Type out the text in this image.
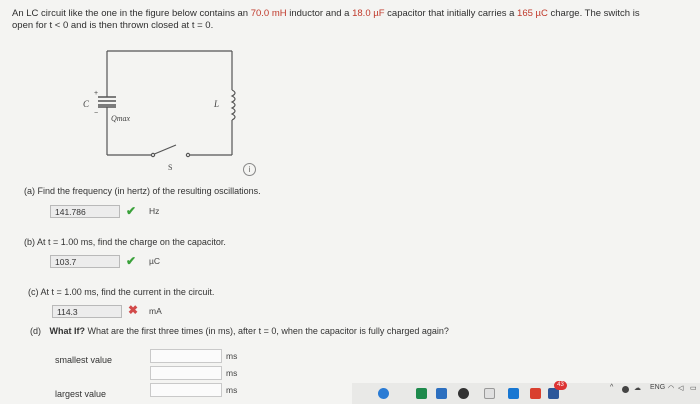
An LC circuit like the one in the figure below contains an 70.0 mH inductor and a 18.0 µF capacitor that initially carries a 165 µC charge. The switch is
open for t < 0 and is then thrown closed at t = 0.
C
+
−
Qmax
L
S	i
(a) Find the frequency (in hertz) of the resulting oscillations.
141.786	✔ Hz
(b) At t = 1.00 ms, find the charge on the capacitor.
103.7	✔ µC
(c) At t = 1.00 ms, find the current in the circuit.
114.3	✖ mA
(d) What If? What are the first three times (in ms), after t = 0, when the capacitor is fully charged again?
smallest value	ms
ms
ms
largest value
43	^	☁ ENG ◠ ◁ ▭
